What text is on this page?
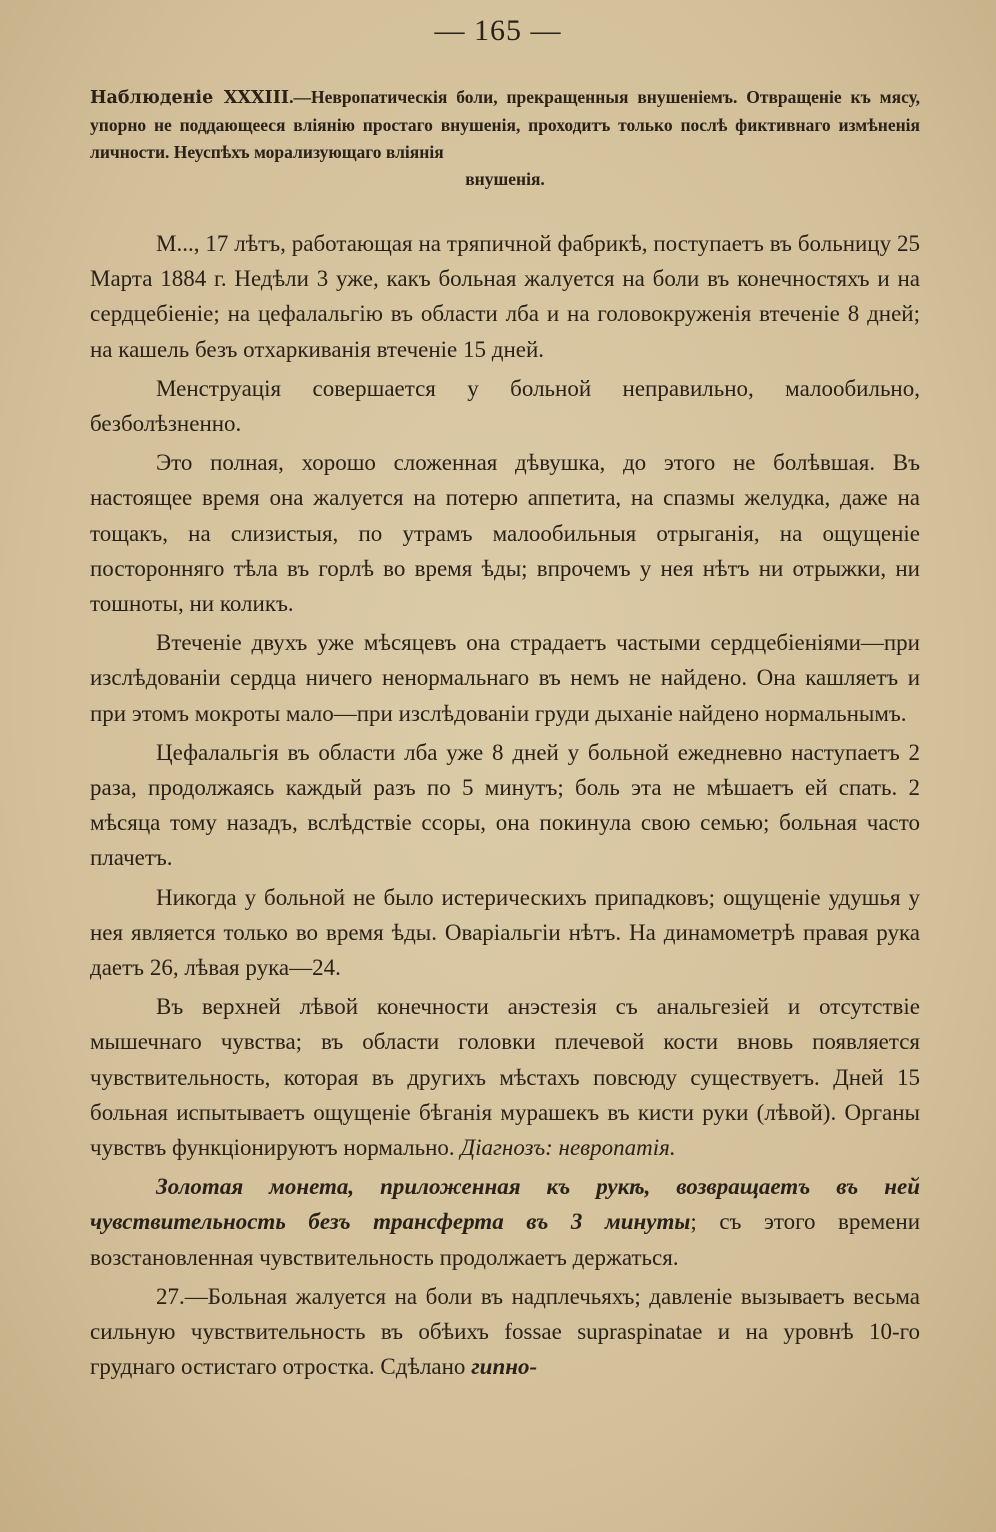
— 165 —
Наблюденіе XXXIII.—Невропатическія боли, прекращенныя внушеніемъ. Отвращеніе къ мясу, упорно не поддающееся вліянію простаго внушенія, проходитъ только послѣ фиктивнаго измѣненія личности. Неуспѣхъ морализующаго вліянія
внушенія.

М..., 17 лѣтъ, работающая на тряпичной фабрикѣ, поступаетъ въ больницу 25 Марта 1884 г. Недѣли 3 уже, какъ больная жалуется на боли въ конечностяхъ и на сердцебіеніе; на цефалальгію въ области лба и на головокруженія втеченіе 8 дней; на кашель безъ отхаркиванія втеченіе 15 дней.

Менструація совершается у больной неправильно, малообильно, безболѣзненно.

Это полная, хорошо сложенная дѣвушка, до этого не болѣвшая. Въ настоящее время она жалуется на потерю аппетита, на спазмы желудка, даже на тощакъ, на слизистыя, по утрамъ малообильныя отрыганія, на ощущеніе посторонняго тѣла въ горлѣ во время ѣды; впрочемъ у нея нѣтъ ни отрыжки, ни тошноты, ни коликъ.

Втеченіе двухъ уже мѣсяцевъ она страдаетъ частыми сердцебіеніями—при изслѣдованіи сердца ничего ненормальнаго въ немъ не найдено. Она кашляетъ и при этомъ мокроты мало—при изслѣдованіи груди дыханіе найдено нормальнымъ.

Цефалальгія въ области лба уже 8 дней у больной ежедневно наступаетъ 2 раза, продолжаясь каждый разъ по 5 минутъ; боль эта не мѣшаетъ ей спать. 2 мѣсяца тому назадъ, вслѣдствіе ссоры, она покинула свою семью; больная часто плачетъ.

Никогда у больной не было истерическихъ припадковъ; ощущеніе удушья у нея является только во время ѣды. Оваріальгіи нѣтъ. На динамометрѣ правая рука даетъ 26, лѣвая рука—24.

Въ верхней лѣвой конечности анэстезія съ анальгезіей и отсутствіе мышечнаго чувства; въ области головки плечевой кости вновь появляется чувствительность, которая въ другихъ мѣстахъ повсюду существуетъ. Дней 15 больная испытываетъ ощущеніе бѣганія мурашекъ въ кисти руки (лѣвой). Органы чувствъ функціонируютъ нормально. Діагнозъ: невропатія.

Золотая монета, приложенная къ рукѣ, возвращаетъ въ ней чувствительность безъ трансферта въ 3 минуты; съ этого времени возстановленная чувствительность продолжаетъ держаться.

27.—Больная жалуется на боли въ надплечьяхъ; давленіе вызываетъ весьма сильную чувствительность въ обѣихъ fossae supraspinatae и на уровнѣ 10-го груднаго остистаго отростка. Сдѣлано гипно-
